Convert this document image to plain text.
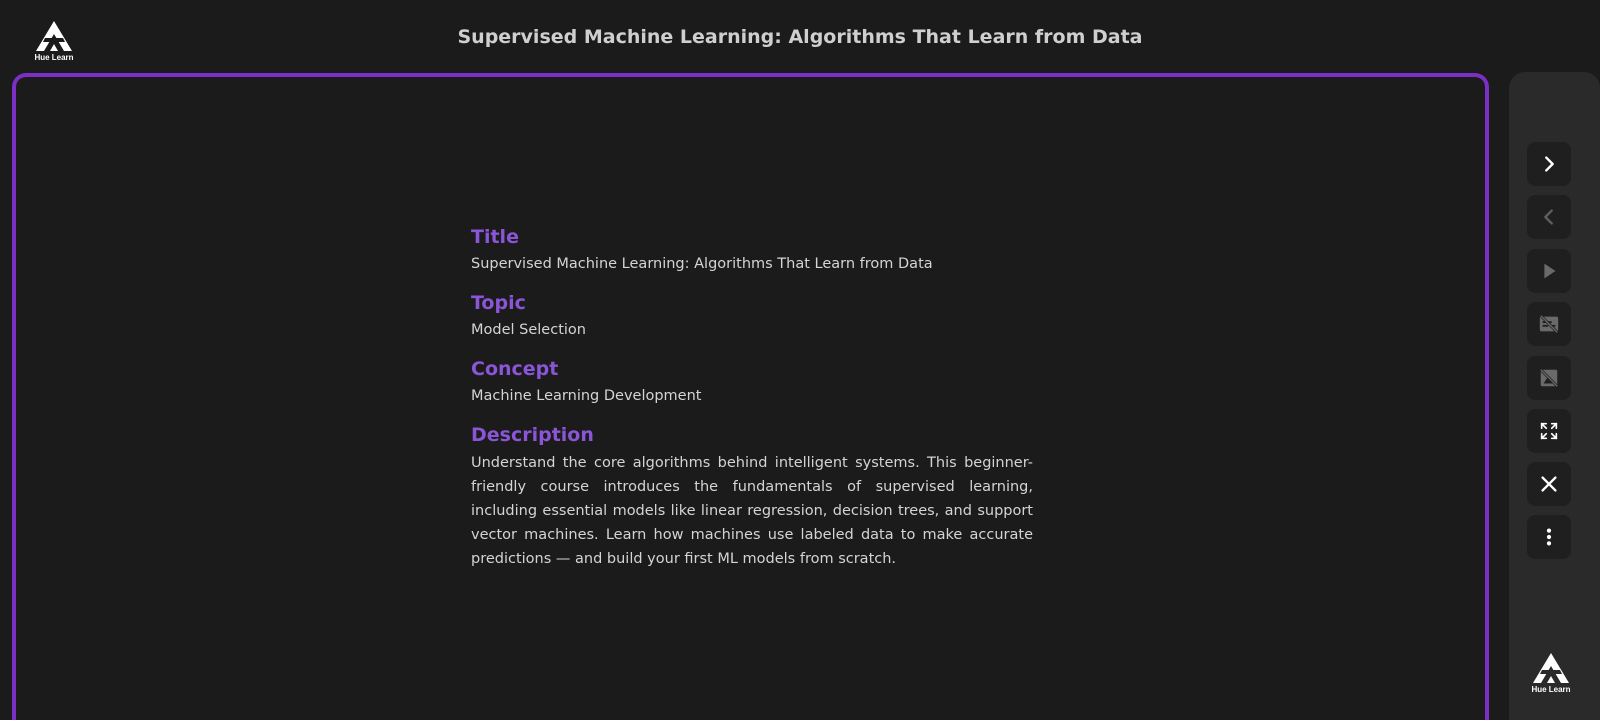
Hue Learn
Supervised Machine Learning: Algorithms That Learn from Data
Title
Supervised Machine Learning: Algorithms That Learn from Data
Topic
Model Selection
Concept
Machine Learning Development
Description
Understand the core algorithms behind intelligent systems. This beginner-friendly course introduces the fundamentals of supervised learning, including essential models like linear regression, decision trees, and support vector machines. Learn how machines use labeled data to make accurate predictions — and build your first ML models from scratch.
Hue Learn
